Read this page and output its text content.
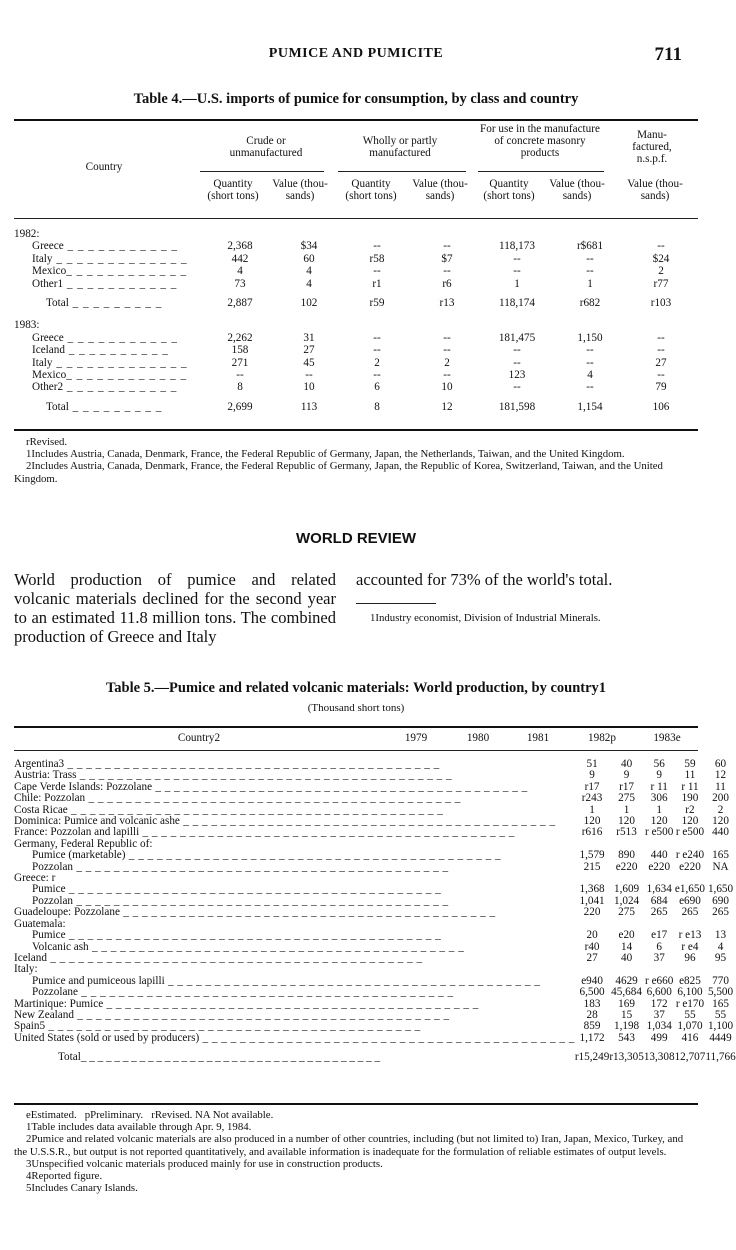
PUMICE AND PUMICITE	711
Table 4.—U.S. imports of pumice for consumption, by class and country
Country
Crude or unmanufactured
Wholly or partly manufactured
For use in the manufacture of concrete masonry products
Manu- factured, n.s.p.f.
Quantity (short tons)
Value (thou- sands)
Quantity (short tons)
Value (thou- sands)
Quantity (short tons)
Value (thou- sands)
Value (thou- sands)
1982:							
Greece _ _ _ _ _ _ _ _ _ _ _	2,368	$34	--	--	118,173	r$681	--
Italy _ _ _ _ _ _ _ _ _ _ _ _ _	442	60	r58	$7	--	--	$24
Mexico_ _ _ _ _ _ _ _ _ _ _ _	4	4	--	--	--	--	2
Other1 _ _ _ _ _ _ _ _ _ _ _	73	4	r1	r6	1	1	r77

Total _ _ _ _ _ _ _ _ _	2,887	102	r59	r13	118,174	r682	r103

1983:							
Greece _ _ _ _ _ _ _ _ _ _ _	2,262	31	--	--	181,475	1,150	--
Iceland _ _ _ _ _ _ _ _ _ _	158	27	--	--	--	--	--
Italy _ _ _ _ _ _ _ _ _ _ _ _ _	271	45	2	2	--	--	27
Mexico_ _ _ _ _ _ _ _ _ _ _ _	--	--	--	--	123	4	--
Other2 _ _ _ _ _ _ _ _ _ _ _	8	10	6	10	--	--	79

Total _ _ _ _ _ _ _ _ _	2,699	113	8	12	181,598	1,154	106

rRevised.

1Includes Austria, Canada, Denmark, France, the Federal Republic of Germany, Japan, the Netherlands, Taiwan, and the United Kingdom.

2Includes Austria, Canada, Denmark, France, the Federal Republic of Germany, Japan, the Republic of Korea, Switzerland, Taiwan, and the United Kingdom.

WORLD REVIEW
World production of pumice and related volcanic materials declined for the second year to an estimated 11.8 million tons. The combined production of Greece and Italy
accounted for 73% of the world's total.
1Industry economist, Division of Industrial Minerals.
Table 5.—Pumice and related volcanic materials: World production, by country1
(Thousand short tons)
Country2	1979	1980	1981	1982p	1983e
Argentina3 _ _ _ _ _ _ _ _ _ _ _ _ _ _ _ _ _ _ _ _ _ _ _ _ _ _ _ _ _ _ _ _ _ _ _ _ _ _ _ _	51	40	56	59	60
Austria: Trass _ _ _ _ _ _ _ _ _ _ _ _ _ _ _ _ _ _ _ _ _ _ _ _ _ _ _ _ _ _ _ _ _ _ _ _ _ _ _ _	9	9	9	11	12
Cape Verde Islands: Pozzolane _ _ _ _ _ _ _ _ _ _ _ _ _ _ _ _ _ _ _ _ _ _ _ _ _ _ _ _ _ _ _ _ _ _ _ _ _ _ _ _	r17	r17	r 11	r 11	11
Chile: Pozzolan _ _ _ _ _ _ _ _ _ _ _ _ _ _ _ _ _ _ _ _ _ _ _ _ _ _ _ _ _ _ _ _ _ _ _ _ _ _ _ _	r243	275	306	190	200
Costa Ricae _ _ _ _ _ _ _ _ _ _ _ _ _ _ _ _ _ _ _ _ _ _ _ _ _ _ _ _ _ _ _ _ _ _ _ _ _ _ _ _	1	1	1	r2	2
Dominica: Pumice and volcanic ashe _ _ _ _ _ _ _ _ _ _ _ _ _ _ _ _ _ _ _ _ _ _ _ _ _ _ _ _ _ _ _ _ _ _ _ _ _ _ _ _	120	120	120	120	120
France: Pozzolan and lapilli _ _ _ _ _ _ _ _ _ _ _ _ _ _ _ _ _ _ _ _ _ _ _ _ _ _ _ _ _ _ _ _ _ _ _ _ _ _ _ _	r616	r513	r e500	r e500	440
Germany, Federal Republic of:					
Pumice (marketable) _ _ _ _ _ _ _ _ _ _ _ _ _ _ _ _ _ _ _ _ _ _ _ _ _ _ _ _ _ _ _ _ _ _ _ _ _ _ _ _	1,579	890	440	r e240	165
Pozzolan _ _ _ _ _ _ _ _ _ _ _ _ _ _ _ _ _ _ _ _ _ _ _ _ _ _ _ _ _ _ _ _ _ _ _ _ _ _ _ _	215	e220	e220	e220	NA
Greece: r					
Pumice _ _ _ _ _ _ _ _ _ _ _ _ _ _ _ _ _ _ _ _ _ _ _ _ _ _ _ _ _ _ _ _ _ _ _ _ _ _ _ _	1,368	1,609	1,634	e1,650	1,650
Pozzolan _ _ _ _ _ _ _ _ _ _ _ _ _ _ _ _ _ _ _ _ _ _ _ _ _ _ _ _ _ _ _ _ _ _ _ _ _ _ _ _	1,041	1,024	684	e690	690
Guadeloupe: Pozzolane _ _ _ _ _ _ _ _ _ _ _ _ _ _ _ _ _ _ _ _ _ _ _ _ _ _ _ _ _ _ _ _ _ _ _ _ _ _ _ _	220	275	265	265	265
Guatemala:					
Pumice _ _ _ _ _ _ _ _ _ _ _ _ _ _ _ _ _ _ _ _ _ _ _ _ _ _ _ _ _ _ _ _ _ _ _ _ _ _ _ _	20	e20	e17	r e13	13
Volcanic ash _ _ _ _ _ _ _ _ _ _ _ _ _ _ _ _ _ _ _ _ _ _ _ _ _ _ _ _ _ _ _ _ _ _ _ _ _ _ _ _	r40	14	6	r e4	4
Iceland _ _ _ _ _ _ _ _ _ _ _ _ _ _ _ _ _ _ _ _ _ _ _ _ _ _ _ _ _ _ _ _ _ _ _ _ _ _ _ _	27	40	37	96	95
Italy:					
Pumice and pumiceous lapilli _ _ _ _ _ _ _ _ _ _ _ _ _ _ _ _ _ _ _ _ _ _ _ _ _ _ _ _ _ _ _ _ _ _ _ _ _ _ _ _	e940	4629	r e660	e825	770
Pozzolane _ _ _ _ _ _ _ _ _ _ _ _ _ _ _ _ _ _ _ _ _ _ _ _ _ _ _ _ _ _ _ _ _ _ _ _ _ _ _ _	6,500	45,684	6,600	6,100	5,500
Martinique: Pumice _ _ _ _ _ _ _ _ _ _ _ _ _ _ _ _ _ _ _ _ _ _ _ _ _ _ _ _ _ _ _ _ _ _ _ _ _ _ _ _	183	169	172	r e170	165
New Zealand _ _ _ _ _ _ _ _ _ _ _ _ _ _ _ _ _ _ _ _ _ _ _ _ _ _ _ _ _ _ _ _ _ _ _ _ _ _ _ _	28	15	37	55	55
Spain5 _ _ _ _ _ _ _ _ _ _ _ _ _ _ _ _ _ _ _ _ _ _ _ _ _ _ _ _ _ _ _ _ _ _ _ _ _ _ _ _	859	1,198	1,034	1,070	1,100
United States (sold or used by producers) _ _ _ _ _ _ _ _ _ _ _ _ _ _ _ _ _ _ _ _ _ _ _ _ _ _ _ _ _ _ _ _ _ _ _ _ _ _ _ _	1,172	543	499	416	4449

Total_ _ _ _ _ _ _ _ _ _ _ _ _ _ _ _ _ _ _ _ _ _ _ _ _ _ _ _ _ _ _ _ _ _ _ _	r15,249	r13,305	13,308	12,707	11,766

eEstimated.   pPreliminary.   rRevised. NA Not available.

1Table includes data available through Apr. 9, 1984.

2Pumice and related volcanic materials are also produced in a number of other countries, including (but not limited to) Iran, Japan, Mexico, Turkey, and the U.S.S.R., but output is not reported quantitatively, and available information is inadequate for the formulation of reliable estimates of output levels.

3Unspecified volcanic materials produced mainly for use in construction products.

4Reported figure.

5Includes Canary Islands.
